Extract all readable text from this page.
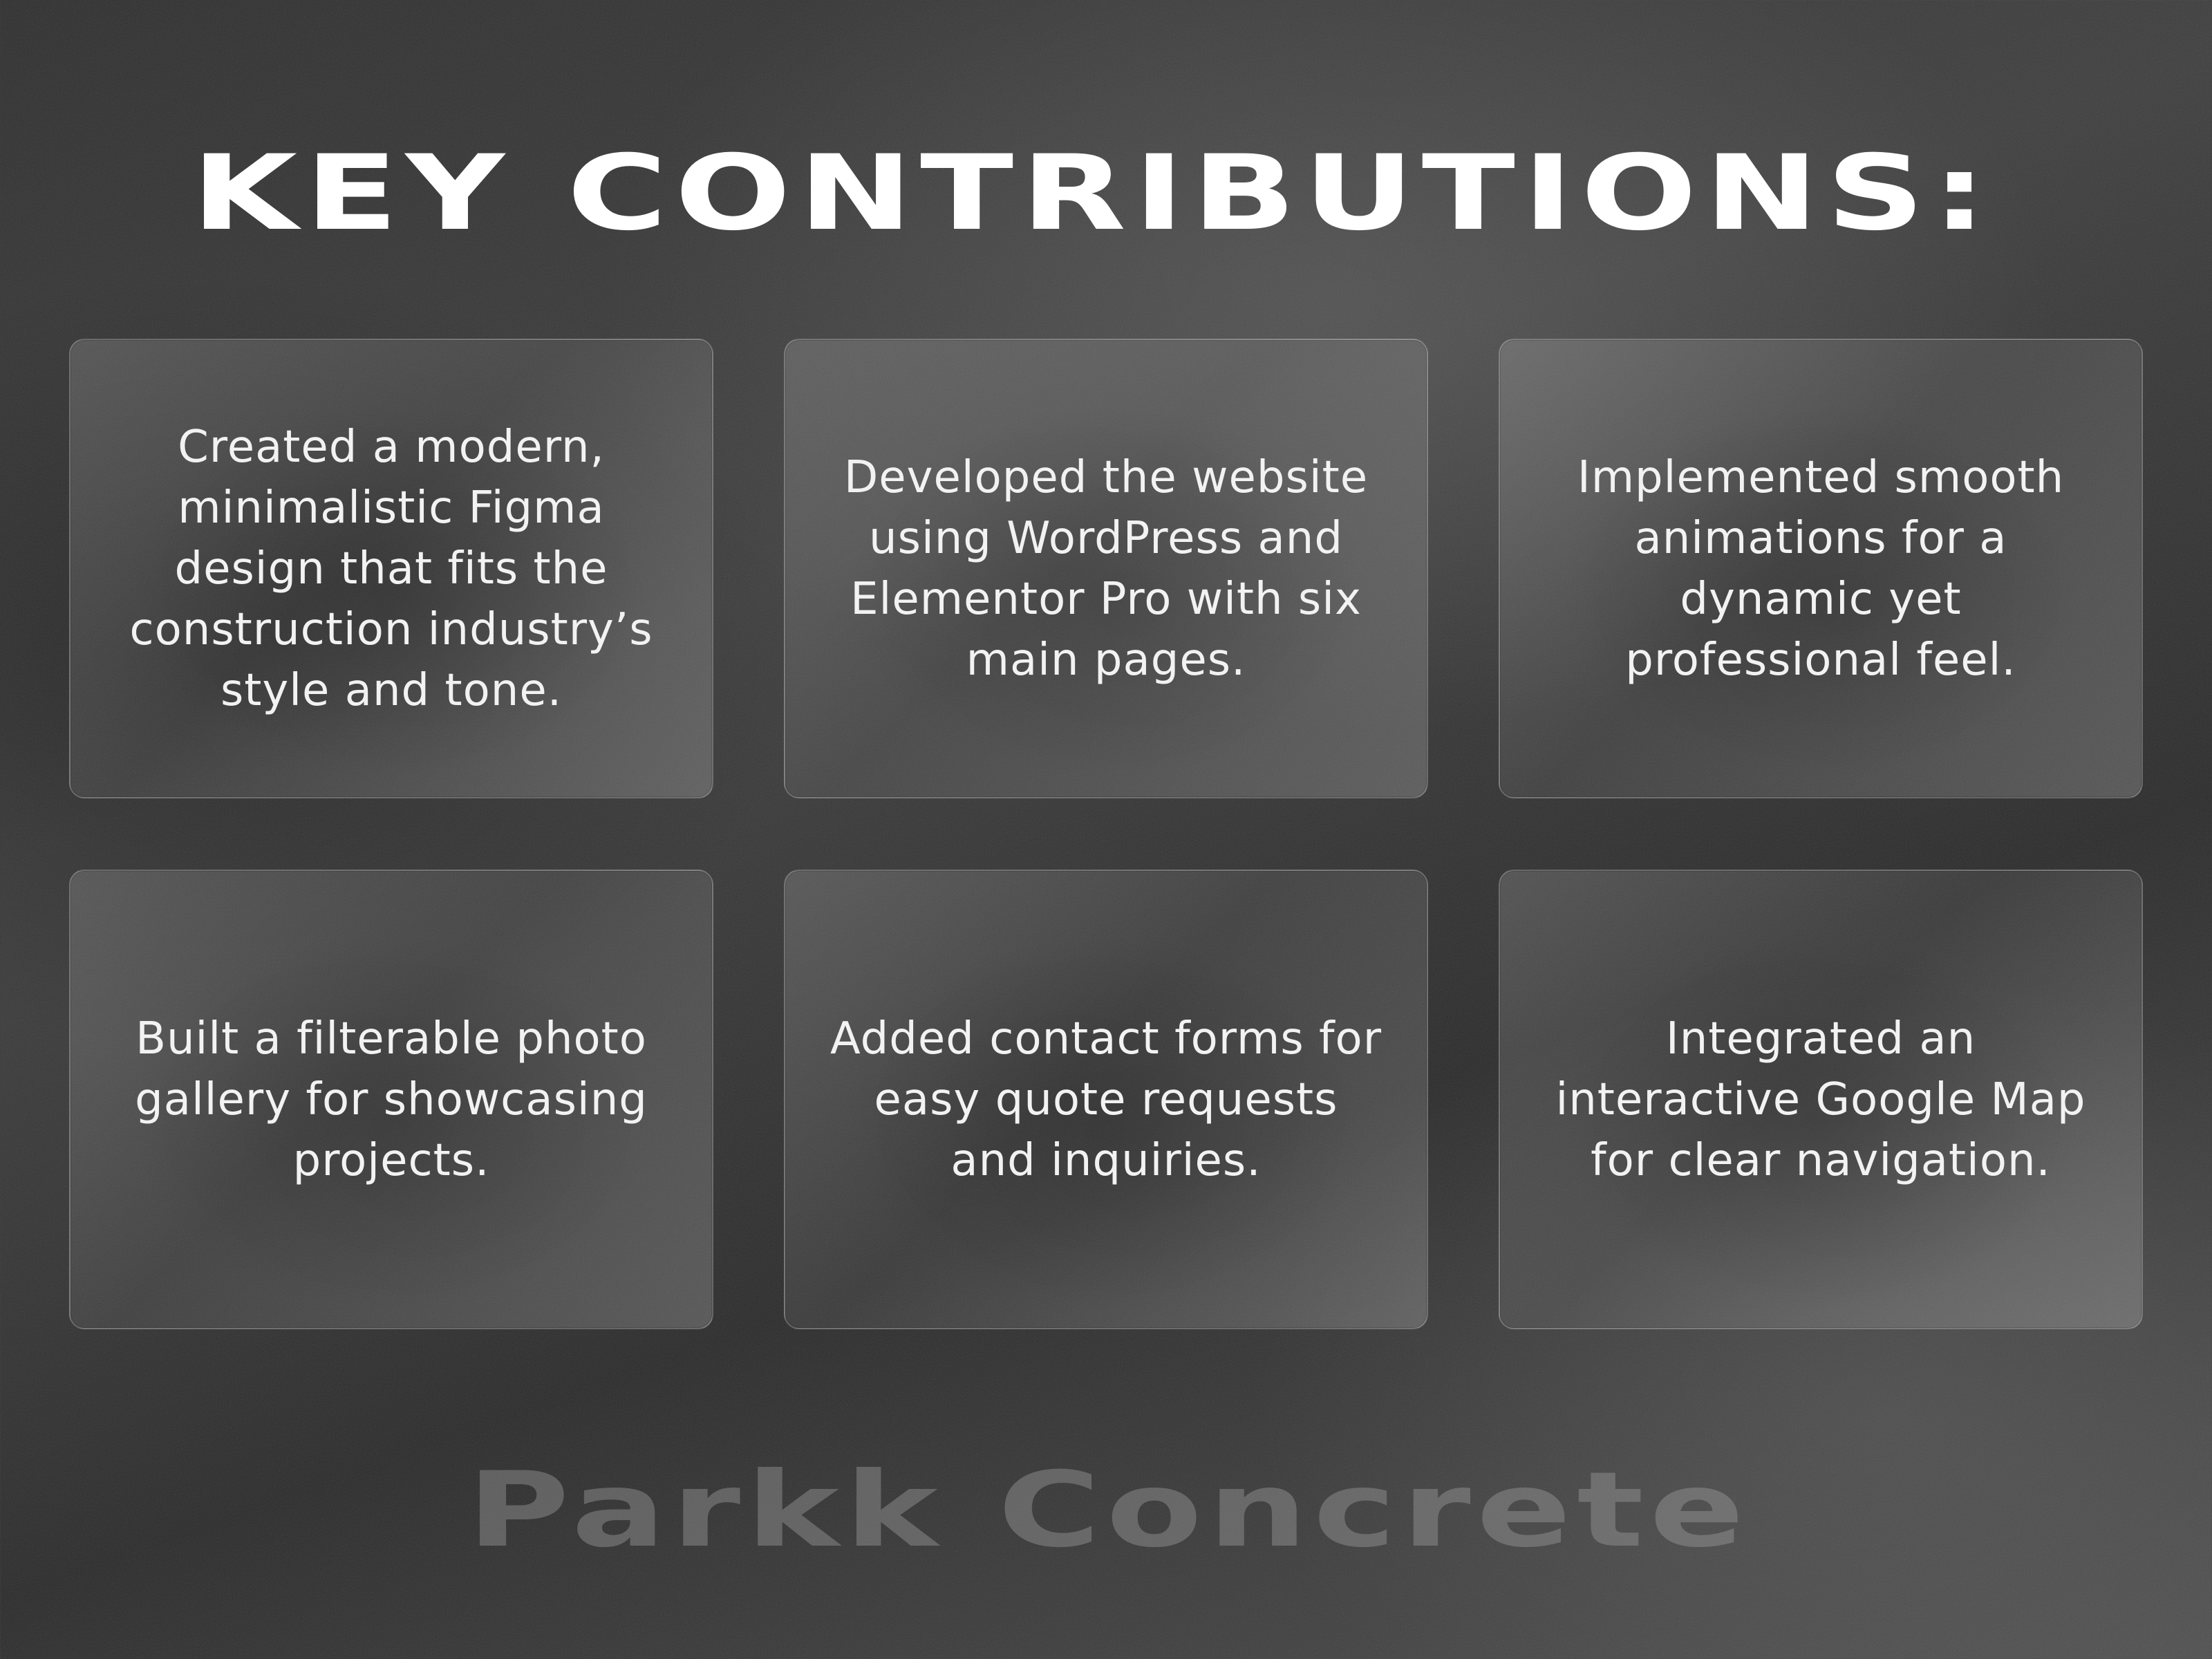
KEY CONTRIBUTIONS:
Created a modern, minimalistic Figma design that fits the construction industry’s style and tone.
Developed the website using WordPress and Elementor Pro with six main pages.
Implemented smooth animations for a dynamic yet professional feel.
Built a filterable photo gallery for showcasing projects.
Added contact forms for easy quote requests and inquiries.
Integrated an interactive Google Map for clear navigation.
Parkk Concrete
